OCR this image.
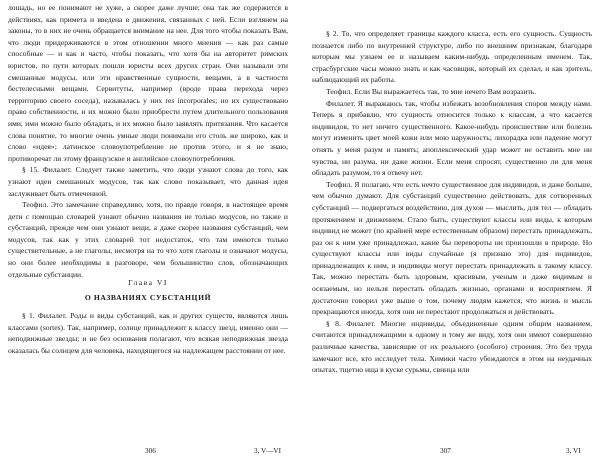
лошадь, но ее понимают не хуже, а скорее даже лучше; она так же содержится в действиях, как примета и введена в движения, связанных с ней. Если взглянем на законы, то в них не очень обращается внимание на нее. Для того чтобы показать Вам, что люди придерживаются в этом отношении много мнения — как раз самые способные — и как и часто, чтобы показать, что хотя бы на авторитет римских юристов, по пути которых пошли юристы всех других стран. Они называли эти смешанные модусы, или эти нравственные сущности, вещами, а в частности бестелесными вещами. Сервитуты, например (вроде права перехода через территорию своего соседа), называлась у них res incorporales; но их существовано право собственности, и их можно было приобрести путем длительного пользования ими, ими можно было обладать, и их можно было заявлять притязания. Что касается слова понятие, то многие очень умные люди понимали его столь же широко, как и слово «идея»; латинское словоупотребление не против этого, и я не знаю, противоречат ли этому французское и английское словоупотребления.

§ 15. Филалет. Следует также заметить, что люди узнают слова до того, как узнают идеи смешанных модусов, так как слово показывает, что данная идея заслуживает быть отмеченной.

Теофил. Это замечание справедливо, хотя, по правде говоря, в настоящее время дети с помощью словарей узнают обычно названия не только модусов, но также и субстанций, прежде чем они узнают вещи, а даже скорее названия субстанций, чем модусов, так как у этих словарей тот недостаток, что там имеются только существительные, а не глаголы, несмотря на то что хотя глаголы и означают модусы, но они более необходимы в разговоре, чем большинство слов, обозначающих отдельные субстанции.

Глава VI
О НАЗВАНИЯХ СУБСТАНЦИЙ

§ 1. Филалет. Роды и виды субстанций, как и других существ, являются лишь классами (sortes). Так, например, солнце принадлежит к классу звезд, именно они — неподвижные звезды; и не без основания полагают, что всякая неподвижная звезда оказалась бы солнцем для человека, находящегося на надлежащем расстоянии от нее.

306	3, V—VI

§ 2. То, что определяет границы каждого класса, есть его сущность. Сущность познается либо по внутренней структуре, либо по внешним признакам, благодаря которым мы узнаем ее и называем каким-нибудь определенным именем. Так, страсбургские часы можно знать и как часовщик, который их сделал, и как зритель, наблюдающий их работы.

Теофил. Если Вы выражаетесь так, то мне нечего Вам возразить.

Филалет. Я выражаюсь так, чтобы избежать возобновления споров между нами. Теперь я прибавлю, что сущность относится только к классам, а что касается индивидов, то нет ничего существенного. Какое-нибудь происшествие или болезнь могут изменить цвет моей кожи или мою наружность; лихорадка или падение могут отнять у меня разум и память; апоплексический удар может не оставить мне ни чувства, ни разума, ни даже жизни. Если меня спросят, существенно ли для меня обладать разумом, то я отвечу нет.

Теофил. Я полагаю, что есть нечто существенное для индивидов, и даже больше, чем обычно думают. Для субстанций существенно действовать, для сотворенных субстанций — подвергаться воздействию, для духов — мыслить, для тел — обладать протяжением и движением. Стало быть, существуют классы или виды, к которым индивид не может (по крайней мере естественным образом) перестать принадлежать, раз он к ним уже принадлежал, какие бы перевороты ни произошли в природе. Но существуют классы или виды случайные (я признаю это) для индивидов, принадлежащих к ним, и индивиды могут перестать принадлежать к такому классу. Так, можно перестать быть здоровым, красивым, ученым и даже видимым и осязаемым, но нельзя перестать обладать жизнью, органами и восприятием. Я достаточно говорил уже выше о том, почему людям кажется, что жизнь и мысль прекращаются иногда, хотя они не перестают продолжаться и действовать.

§ 8. Филалет. Многие индивиды, объединенные одним общим названием, считаются принадлежащими к одному и тому же виду, хотя они имеют совершенно различные качества, зависящие от их реального (особого) строения. Это без труда замечают все, кто исследует тела. Химики часто убеждаются в этом на неудачных опытах, тщетно ища в куске сурьмы, свинца или

307	3, VI
